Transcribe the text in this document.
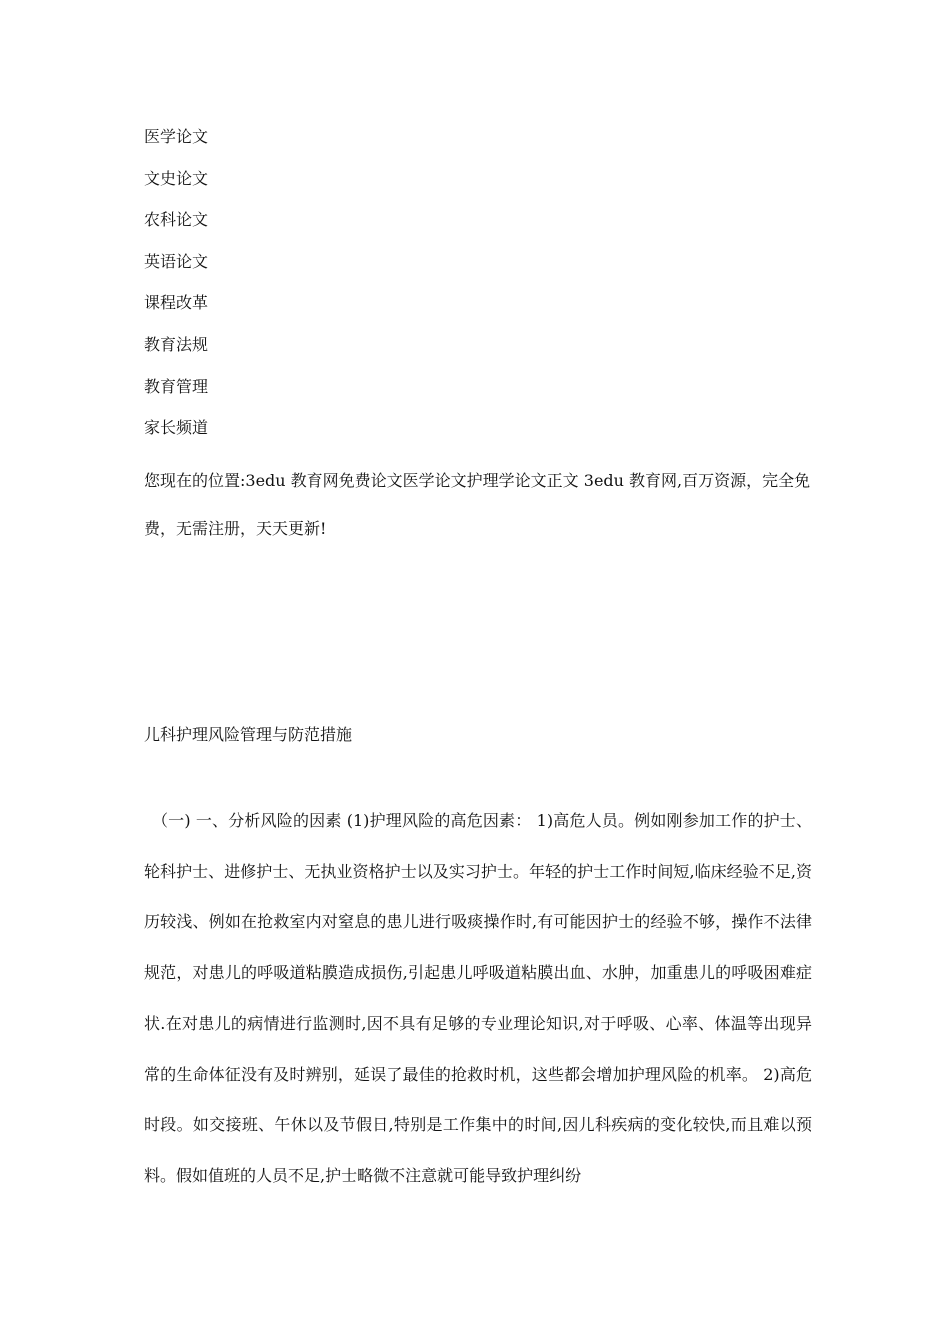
医学论文
文史论文
农科论文
英语论文
课程改革
教育法规
教育管理
家长频道

您现在的位置:3edu 教育网免费论文医学论文护理学论文正文 3edu 教育网,百万资源，完全免费，无需注册，天天更新!

儿科护理风险管理与防范措施

（一) 一、分析风险的因素 (1)护理风险的高危因素： 1)高危人员。例如刚参加工作的护士、轮科护士、进修护士、无执业资格护士以及实习护士。年轻的护士工作时间短,临床经验不足,资历较浅、例如在抢救室内对窒息的患儿进行吸痰操作时,有可能因护士的经验不够，操作不法律规范，对患儿的呼吸道粘膜造成损伤,引起患儿呼吸道粘膜出血、水肿，加重患儿的呼吸困难症状.在对患儿的病情进行监测时,因不具有足够的专业理论知识,对于呼吸、心率、体温等出现异常的生命体征没有及时辨别，延误了最佳的抢救时机，这些都会增加护理风险的机率。 2)高危时段。如交接班、午休以及节假日,特别是工作集中的时间,因儿科疾病的变化较快,而且难以预料。假如值班的人员不足,护士略微不注意就可能导致护理纠纷
